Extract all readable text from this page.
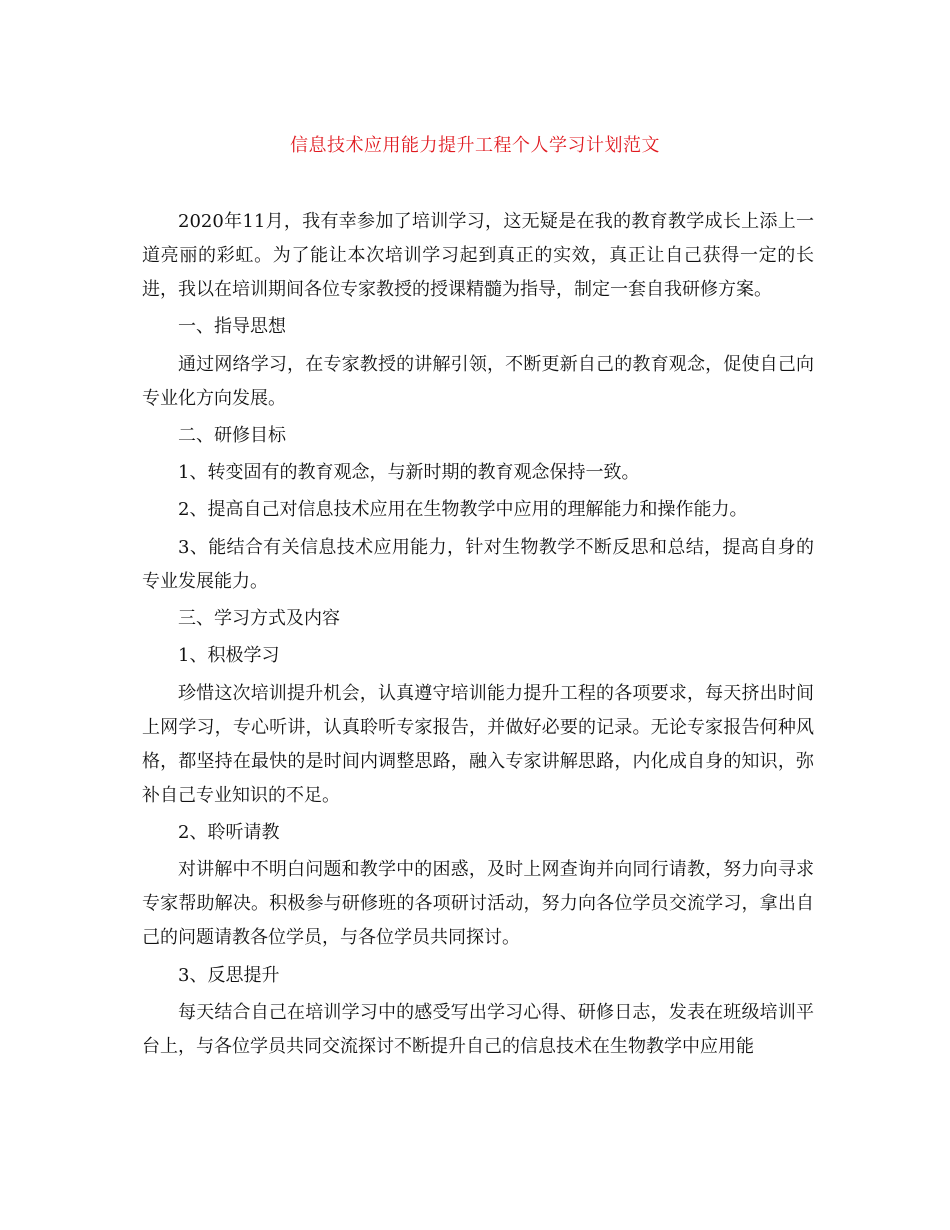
信息技术应用能力提升工程个人学习计划范文

2020年11月，我有幸参加了培训学习，这无疑是在我的教育教学成长上添上一道亮丽的彩虹。为了能让本次培训学习起到真正的实效，真正让自己获得一定的长进，我以在培训期间各位专家教授的授课精髓为指导，制定一套自我研修方案。

一、指导思想

通过网络学习，在专家教授的讲解引领，不断更新自己的教育观念，促使自己向专业化方向发展。

二、研修目标

1、转变固有的教育观念，与新时期的教育观念保持一致。

2、提高自己对信息技术应用在生物教学中应用的理解能力和操作能力。

3、能结合有关信息技术应用能力，针对生物教学不断反思和总结，提高自身的专业发展能力。

三、学习方式及内容

1、积极学习

珍惜这次培训提升机会，认真遵守培训能力提升工程的各项要求，每天挤出时间上网学习，专心听讲，认真聆听专家报告，并做好必要的记录。无论专家报告何种风格，都坚持在最快的是时间内调整思路，融入专家讲解思路，内化成自身的知识，弥补自己专业知识的不足。

2、聆听请教

对讲解中不明白问题和教学中的困惑，及时上网查询并向同行请教，努力向寻求专家帮助解决。积极参与研修班的各项研讨活动，努力向各位学员交流学习，拿出自己的问题请教各位学员，与各位学员共同探讨。

3、反思提升

每天结合自己在培训学习中的感受写出学习心得、研修日志，发表在班级培训平台上，与各位学员共同交流探讨不断提升自己的信息技术在生物教学中应用能
